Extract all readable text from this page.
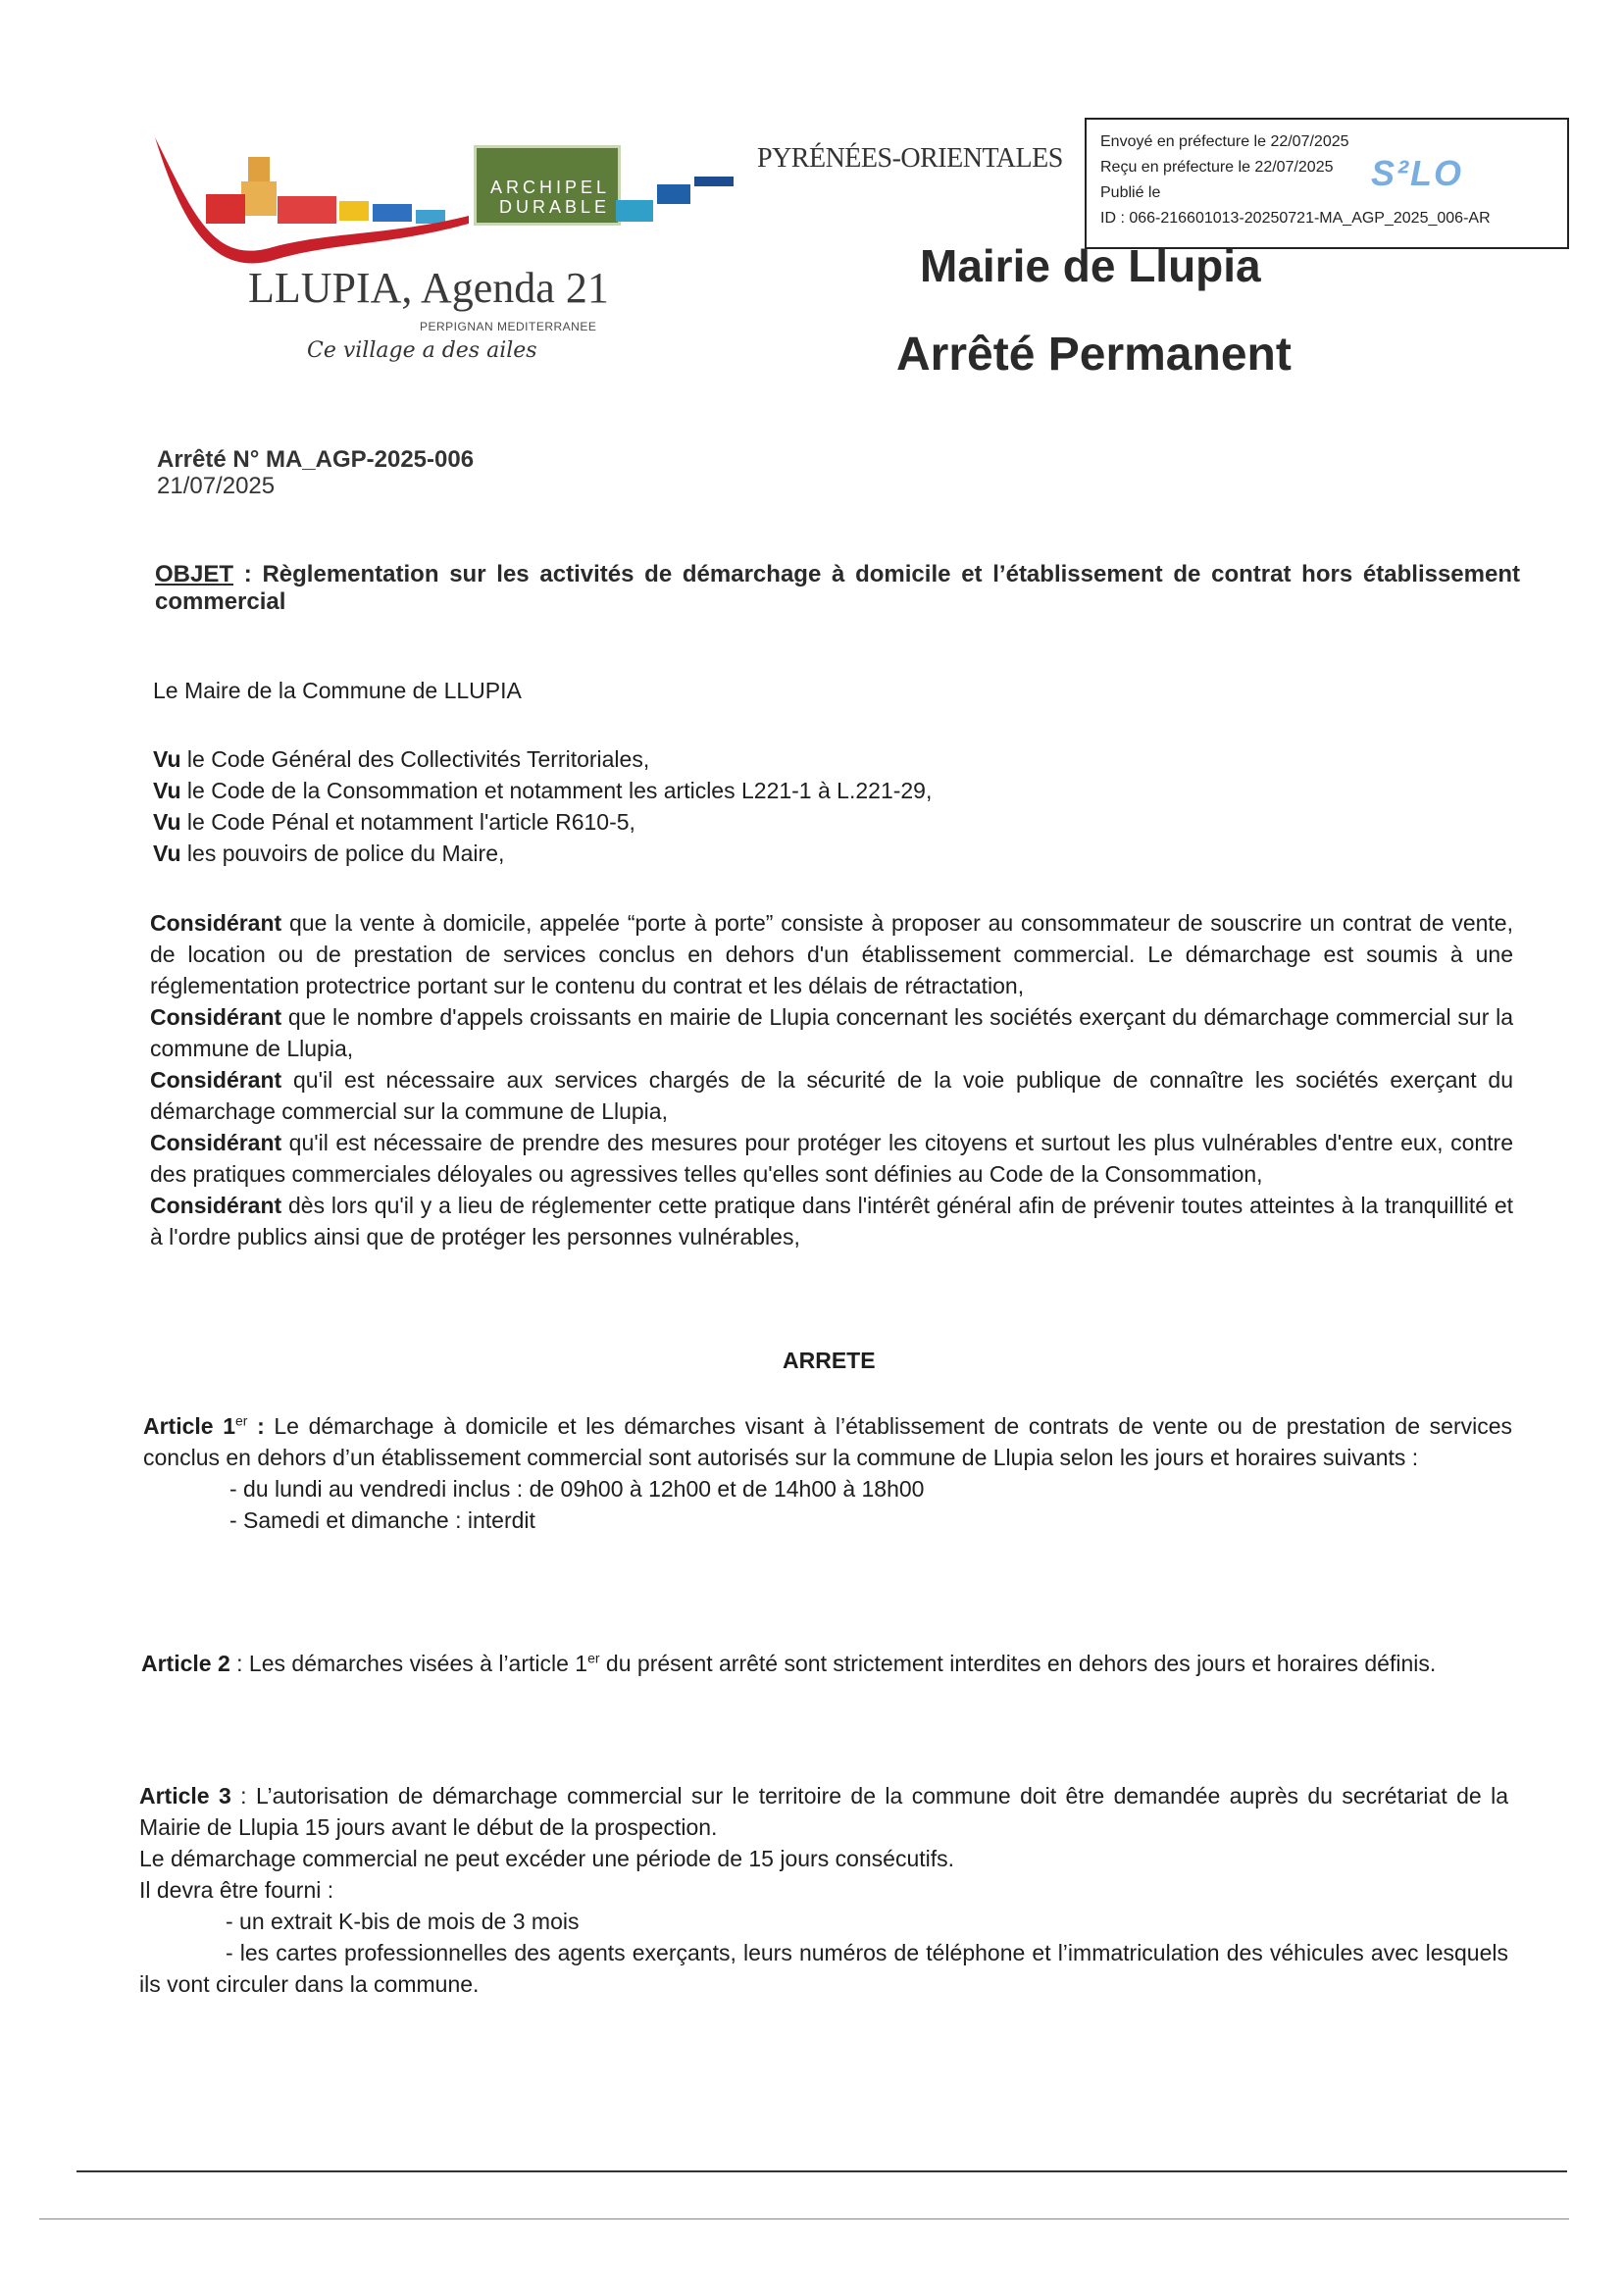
ARCHIPEL
DURABLE
LLUPIA, Agenda 21
PERPIGNAN MEDITERRANEE
Ce village a des ailes
PYRÉNÉES-ORIENTALES
Envoyé en préfecture le 22/07/2025
Reçu en préfecture le 22/07/2025
Publié le
ID : 066-216601013-20250721-MA_AGP_2025_006-AR
S²LO
Mairie de Llupia
Arrêté Permanent
Arrêté N° MA_AGP-2025-006
21/07/2025
OBJET : Règlementation sur les activités de démarchage à domicile et l’établissement de contrat hors établissement commercial
Le Maire de la Commune de LLUPIA
Vu le Code Général des Collectivités Territoriales,
Vu le Code de la Consommation et notamment les articles L221-1 à L.221-29,
Vu le Code Pénal et notamment l'article R610-5,
Vu les pouvoirs de police du Maire,

Considérant que la vente à domicile, appelée “porte à porte” consiste à proposer au consommateur de souscrire un contrat de vente, de location ou de prestation de services conclus en dehors d'un établissement commercial. Le démarchage est soumis à une réglementation protectrice portant sur le contenu du contrat et les délais de rétractation,

Considérant que le nombre d'appels croissants en mairie de Llupia concernant les sociétés exerçant du démarchage commercial sur la commune de Llupia,

Considérant qu'il est nécessaire aux services chargés de la sécurité de la voie publique de connaître les sociétés exerçant du démarchage commercial sur la commune de Llupia,

Considérant qu'il est nécessaire de prendre des mesures pour protéger les citoyens et surtout les plus vulnérables d'entre eux, contre des pratiques commerciales déloyales ou agressives telles qu'elles sont définies au Code de la Consommation,

Considérant dès lors qu'il y a lieu de réglementer cette pratique dans l'intérêt général afin de prévenir toutes atteintes à la tranquillité et à l'ordre publics ainsi que de protéger les personnes vulnérables,

ARRETE

Article 1er : Le démarchage à domicile et les démarches visant à l’établissement de contrats de vente ou de prestation de services conclus en dehors d’un établissement commercial sont autorisés sur la commune de Llupia selon les jours et horaires suivants :

- du lundi au vendredi inclus : de 09h00 à 12h00 et de 14h00 à 18h00

- Samedi et dimanche : interdit

Article 2 : Les démarches visées à l’article 1er du présent arrêté sont strictement interdites en dehors des jours et horaires définis.

Article 3 : L’autorisation de démarchage commercial sur le territoire de la commune doit être demandée auprès du secrétariat de la Mairie de Llupia 15 jours avant le début de la prospection.

Le démarchage commercial ne peut excéder une période de 15 jours consécutifs.

Il devra être fourni :

- un extrait K-bis de mois de 3 mois

- les cartes professionnelles des agents exerçants, leurs numéros de téléphone et l’immatriculation des véhicules avec lesquels ils vont circuler dans la commune.
